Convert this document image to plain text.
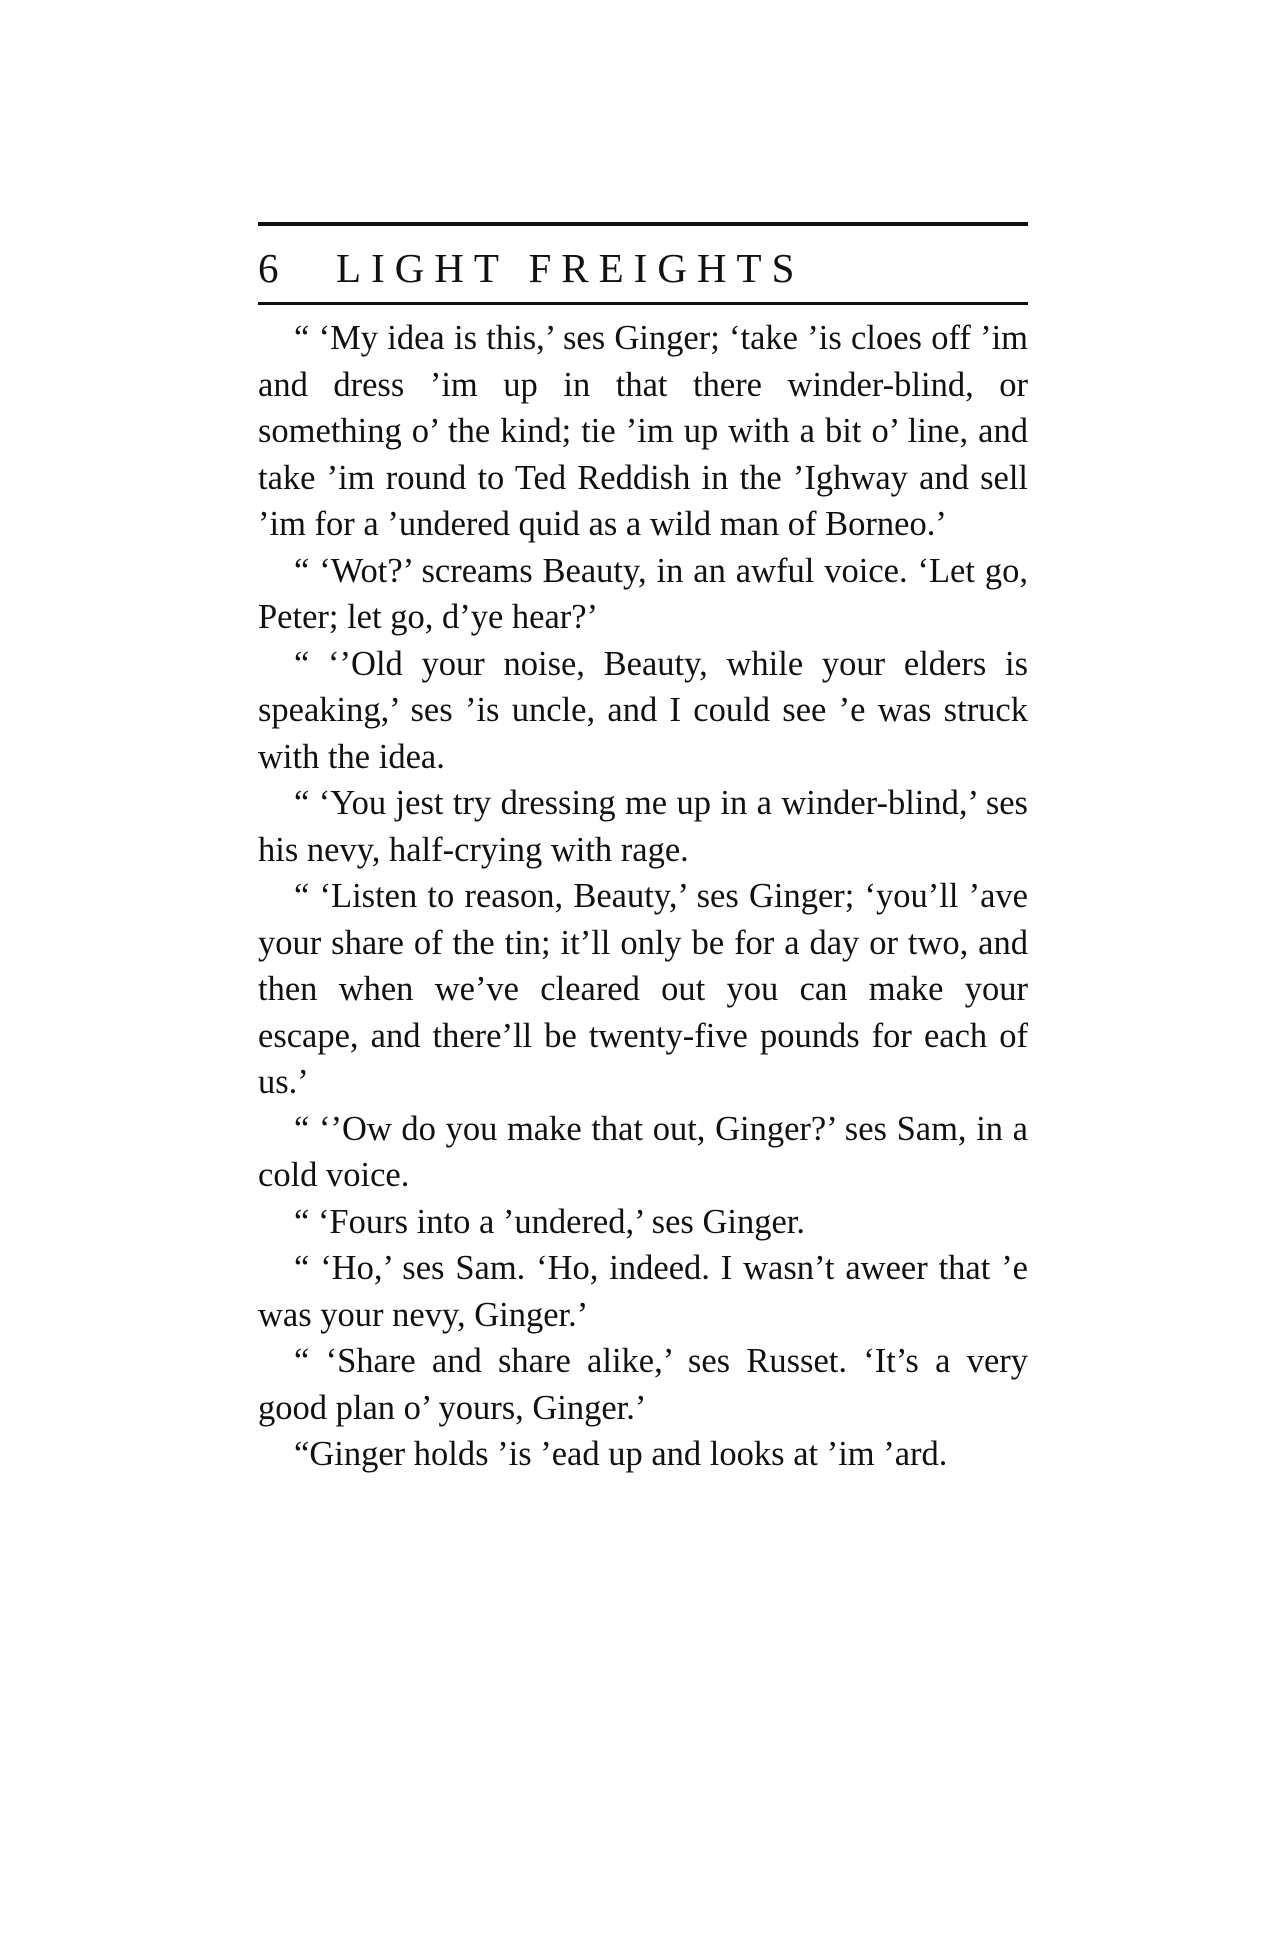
6	LIGHT FREIGHTS

“ ‘My idea is this,’ ses Ginger; ‘take ’is cloes off ’im and dress ’im up in that there winder-blind, or something o’ the kind; tie ’im up with a bit o’ line, and take ’im round to Ted Reddish in the ’Ighway and sell ’im for a ’undered quid as a wild man of Borneo.’

“ ‘Wot?’ screams Beauty, in an awful voice. ‘Let go, Peter; let go, d’ye hear?’

“ ‘’Old your noise, Beauty, while your elders is speaking,’ ses ’is uncle, and I could see ’e was struck with the idea.

“ ‘You jest try dressing me up in a winder-blind,’ ses his nevy, half-crying with rage.

“ ‘Listen to reason, Beauty,’ ses Ginger; ‘you’ll ’ave your share of the tin; it’ll only be for a day or two, and then when we’ve cleared out you can make your escape, and there’ll be twenty-five pounds for each of us.’

“ ‘’Ow do you make that out, Ginger?’ ses Sam, in a cold voice.

“ ‘Fours into a ’undered,’ ses Ginger.

“ ‘Ho,’ ses Sam. ‘Ho, indeed. I wasn’t aweer that ’e was your nevy, Ginger.’

“ ‘Share and share alike,’ ses Russet. ‘It’s a very good plan o’ yours, Ginger.’

“Ginger holds ’is ’ead up and looks at ’im ’ard.
